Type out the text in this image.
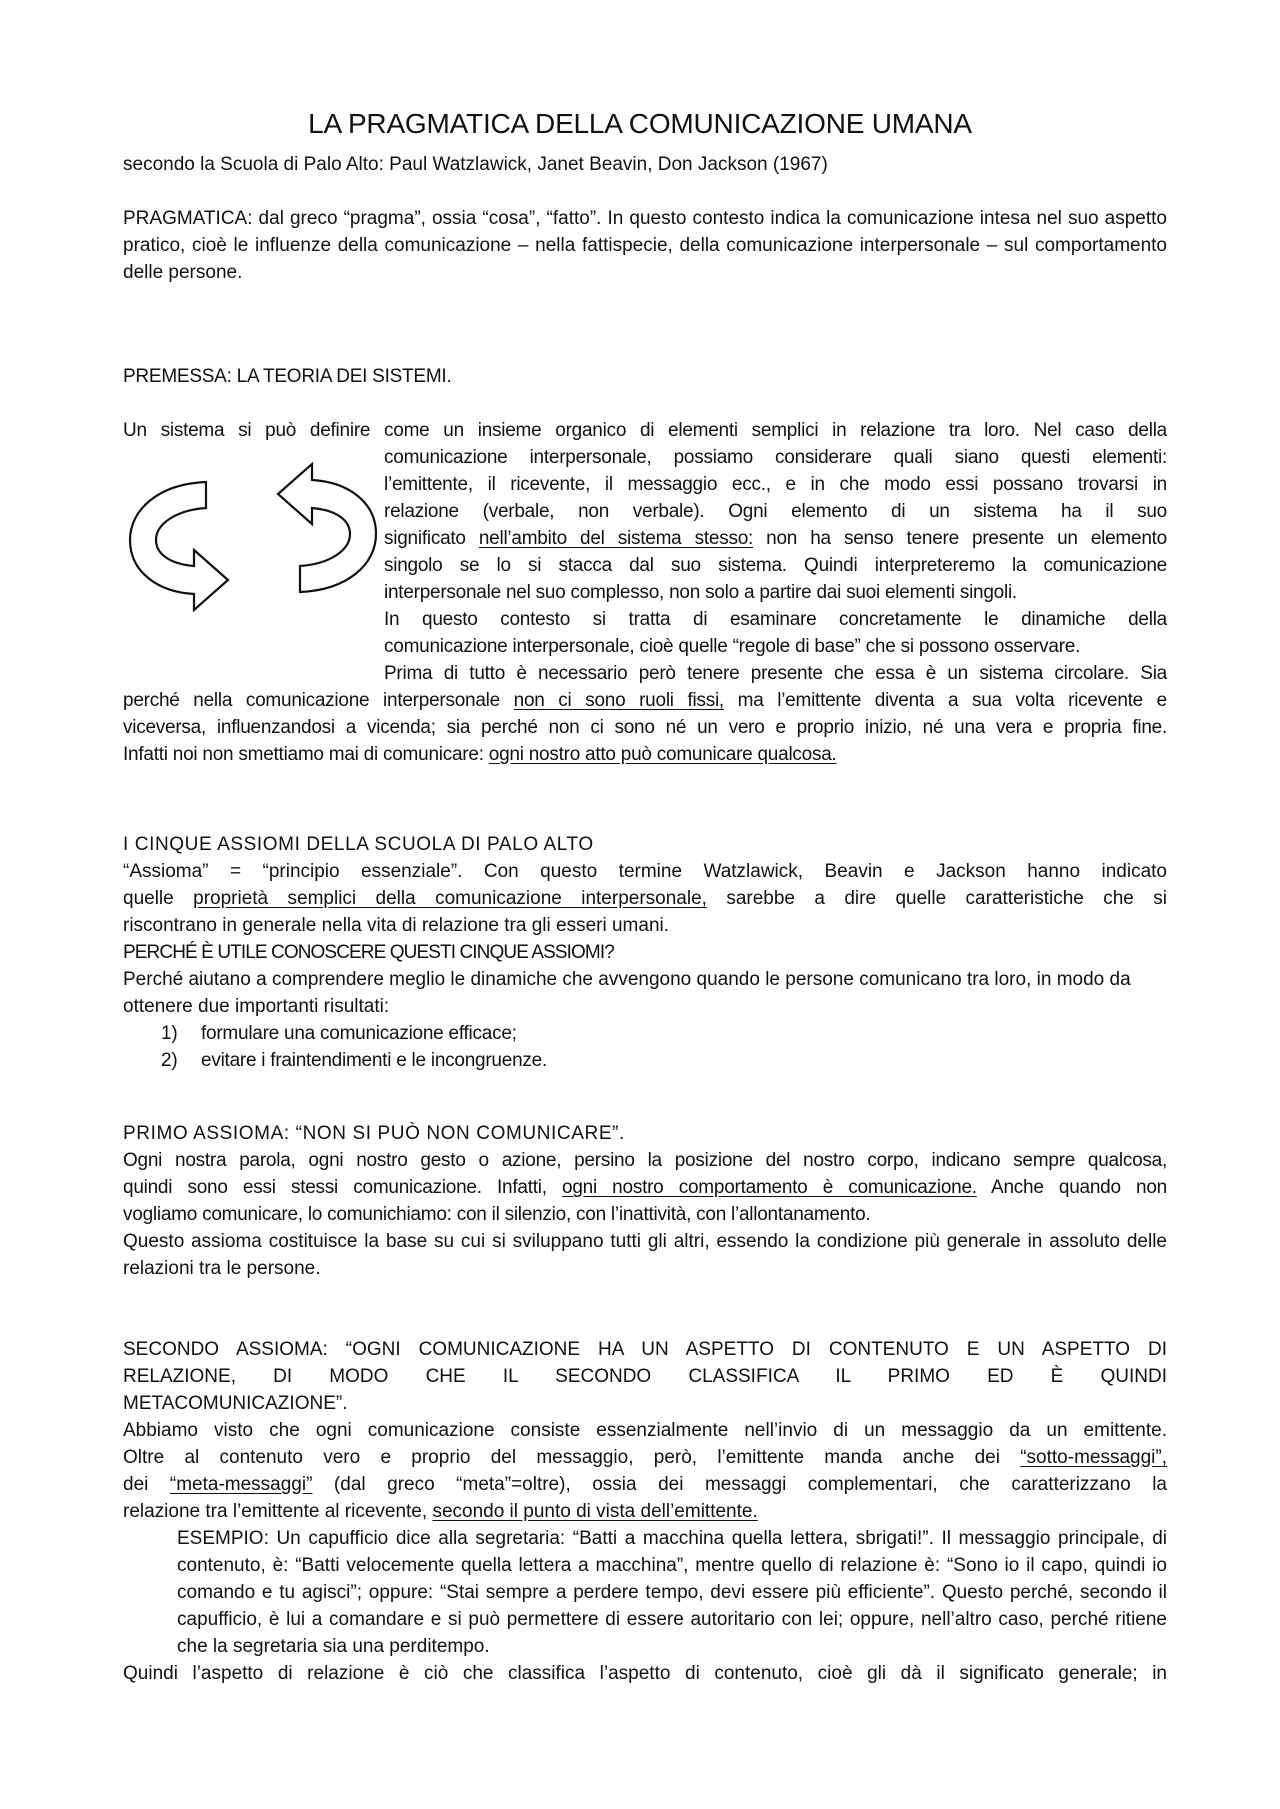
LA PRAGMATICA DELLA COMUNICAZIONE UMANA
secondo la Scuola di Palo Alto: Paul Watzlawick, Janet Beavin, Don Jackson (1967)
PRAGMATICA: dal greco “pragma”, ossia “cosa”, “fatto”. In questo contesto indica la comunicazione intesa nel suo aspetto pratico, cioè le influenze della comunicazione – nella fattispecie, della comunicazione interpersonale – sul comportamento delle persone.
PREMESSA: LA TEORIA DEI SISTEMI.
Un sistema si può definire come un insieme organico di elementi semplici in relazione tra loro. Nel caso della
comunicazione interpersonale, possiamo considerare quali siano questi elementi:
l’emittente, il ricevente, il messaggio ecc., e in che modo essi possano trovarsi in
relazione (verbale, non verbale). Ogni elemento di un sistema ha il suo
significato nell’ambito del sistema stesso: non ha senso tenere presente un elemento
singolo se lo si stacca dal suo sistema. Quindi interpreteremo la comunicazione
interpersonale nel suo complesso, non solo a partire dai suoi elementi singoli.
In questo contesto si tratta di esaminare concretamente le dinamiche della
comunicazione interpersonale, cioè quelle “regole di base” che si possono osservare.
Prima di tutto è necessario però tenere presente che essa è un sistema circolare. Sia
perché nella comunicazione interpersonale non ci sono ruoli fissi, ma l’emittente diventa a sua volta ricevente e
viceversa, influenzandosi a vicenda; sia perché non ci sono né un vero e proprio inizio, né una vera e propria fine.
Infatti noi non smettiamo mai di comunicare: ogni nostro atto può comunicare qualcosa.
I CINQUE ASSIOMI DELLA SCUOLA DI PALO ALTO
“Assioma” = “principio essenziale”. Con questo termine Watzlawick, Beavin e Jackson hanno indicato
quelle proprietà semplici della comunicazione interpersonale, sarebbe a dire quelle caratteristiche che si
riscontrano in generale nella vita di relazione tra gli esseri umani.
PERCHÉ È UTILE CONOSCERE QUESTI CINQUE ASSIOMI?
Perché aiutano a comprendere meglio le dinamiche che avvengono quando le persone comunicano tra loro, in modo da ottenere due importanti risultati:
1) formulare una comunicazione efficace;
2) evitare i fraintendimenti e le incongruenze.
PRIMO ASSIOMA: “NON SI PUÒ NON COMUNICARE”.
Ogni nostra parola, ogni nostro gesto o azione, persino la posizione del nostro corpo, indicano sempre qualcosa,
quindi sono essi stessi comunicazione. Infatti, ogni nostro comportamento è comunicazione. Anche quando non
vogliamo comunicare, lo comunichiamo: con il silenzio, con l’inattività, con l’allontanamento.
Questo assioma costituisce la base su cui si sviluppano tutti gli altri, essendo la condizione più generale in assoluto delle relazioni tra le persone.
SECONDO ASSIOMA: “OGNI COMUNICAZIONE HA UN ASPETTO DI CONTENUTO E UN ASPETTO DI
RELAZIONE, DI MODO CHE IL SECONDO CLASSIFICA IL PRIMO ED È QUINDI
METACOMUNICAZIONE”.
Abbiamo visto che ogni comunicazione consiste essenzialmente nell’invio di un messaggio da un emittente.
Oltre al contenuto vero e proprio del messaggio, però, l’emittente manda anche dei “sotto-messaggi”,
dei “meta-messaggi” (dal greco “meta”=oltre), ossia dei messaggi complementari, che caratterizzano la
relazione tra l’emittente al ricevente, secondo il punto di vista dell’emittente.
ESEMPIO: Un capufficio dice alla segretaria: “Batti a macchina quella lettera, sbrigati!”. Il messaggio principale, di contenuto, è: “Batti velocemente quella lettera a macchina”, mentre quello di relazione è: “Sono io il capo, quindi io comando e tu agisci”; oppure: “Stai sempre a perdere tempo, devi essere più efficiente”. Questo perché, secondo il capufficio, è lui a comandare e si può permettere di essere autoritario con lei; oppure, nell’altro caso, perché ritiene che la segretaria sia una perditempo.
Quindi l’aspetto di relazione è ciò che classifica l’aspetto di contenuto, cioè gli dà il significato generale; in
